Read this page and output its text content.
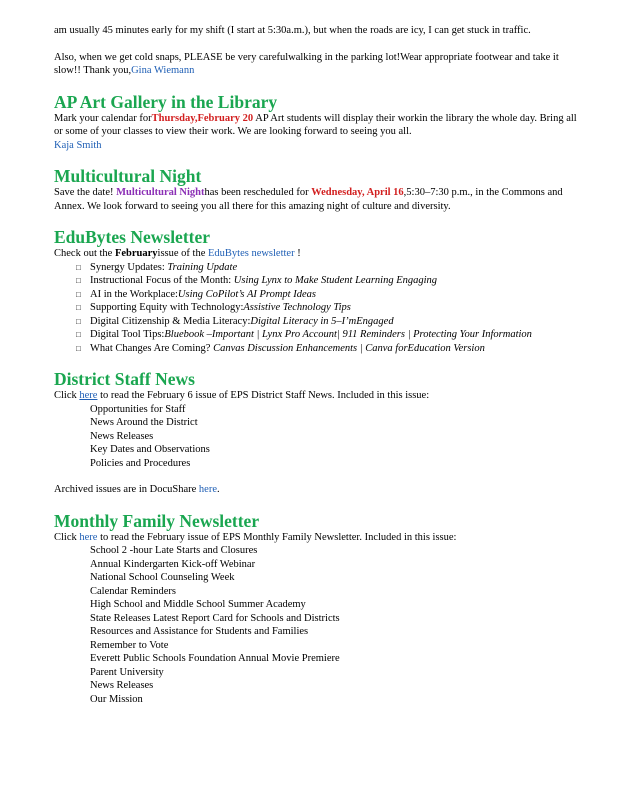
am usually 45 minutes early for my shift (I start at 5:30a.m.), but when the roads are icy, I can get stuck in traffic.

Also, when we get cold snaps, PLEASE be very carefulwalking in the parking lot!Wear appropriate footwear and take it slow!! Thank you,Gina Wiemann

AP Art Gallery in the Library

Mark your calendar forThursday,February 20 AP Art students will display their workin the library the whole day. Bring all or some of your classes to view their work. We are looking forward to seeing you all.

Kaja Smith

Multicultural Night

Save the date! Multicultural Nighthas been rescheduled for Wednesday, April 16,5:30–7:30 p.m., in the Commons and Annex. We look forward to seeing you all there for this amazing night of culture and diversity.

EduBytes Newsletter

Check out the Februaryissue of the EduBytes newsletter !

□ Synergy Updates: Training Update
□ Instructional Focus of the Month: Using Lynx to Make Student Learning Engaging
□ AI in the Workplace:Using CoPilot’s AI Prompt Ideas
□ Supporting Equity with Technology:Assistive Technology Tips
□ Digital Citizenship & Media Literacy:Digital Literacy in 5–I’mEngaged
□ Digital Tool Tips:Bluebook –Important | Lynx Pro Account| 911 Reminders | Protecting Your Information
□ What Changes Are Coming? Canvas Discussion Enhancements | Canva forEducation Version
District Staff News

Click here to read the February 6 issue of EPS District Staff News. Included in this issue:

Opportunities for Staff
News Around the District
News Releases
Key Dates and Observations
Policies and Procedures

Archived issues are in DocuShare here.

Monthly Family Newsletter

Click here to read the February issue of EPS Monthly Family Newsletter. Included in this issue:

School 2 -hour Late Starts and Closures
Annual Kindergarten Kick-off Webinar
National School Counseling Week
Calendar Reminders
High School and Middle School Summer Academy
State Releases Latest Report Card for Schools and Districts
Resources and Assistance for Students and Families
Remember to Vote
Everett Public Schools Foundation Annual Movie Premiere
Parent University
News Releases
Our Mission
